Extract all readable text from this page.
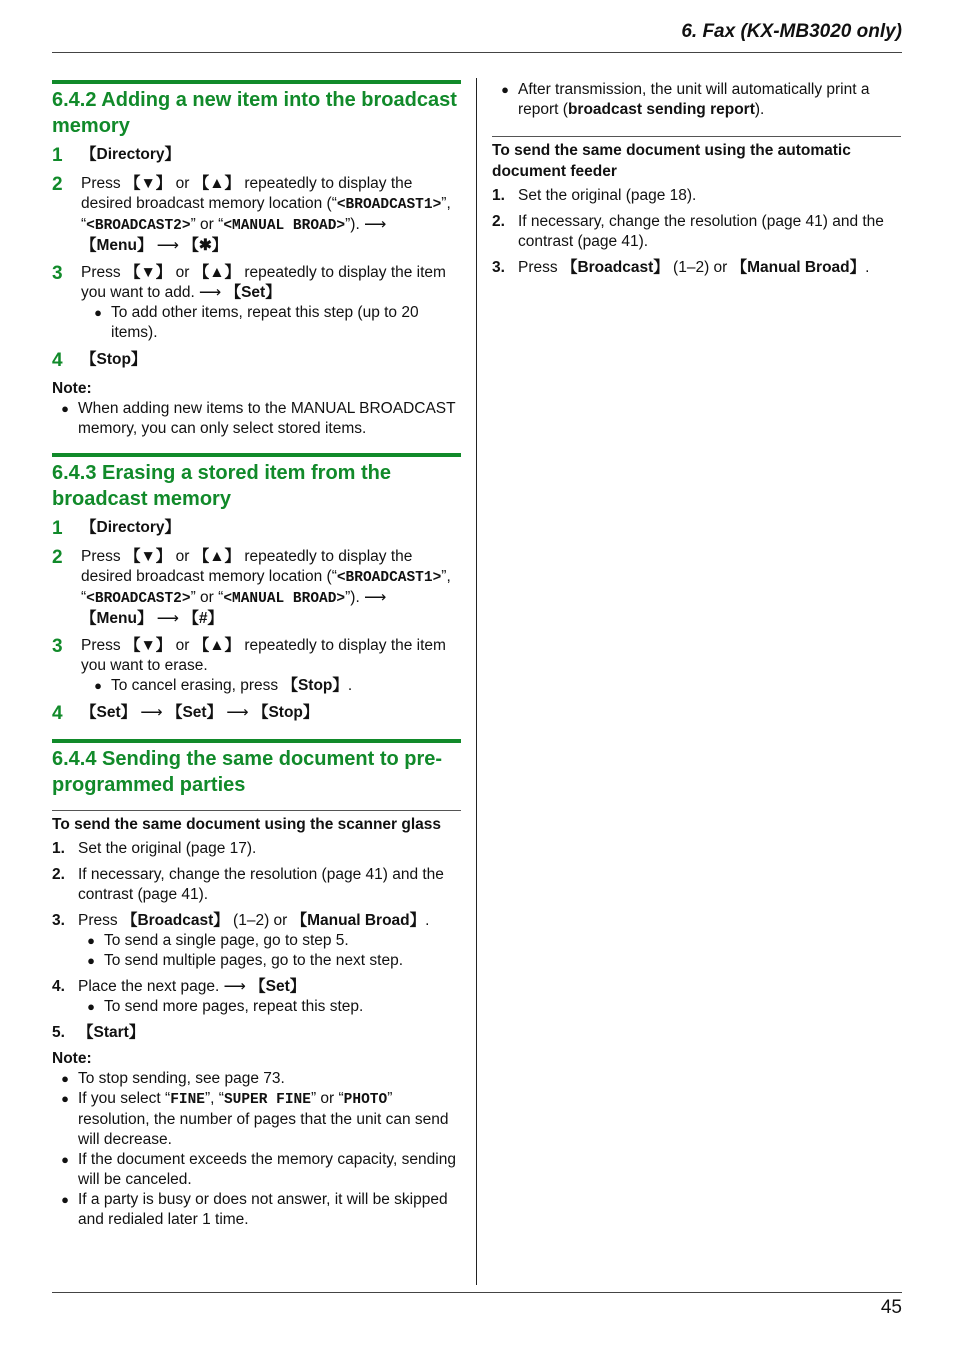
6. Fax (KX-MB3020 only)
6.4.2 Adding a new item into the broadcast memory
1	【Directory】
2	Press 【▼】 or 【▲】 repeatedly to display the desired broadcast memory location (“<BROADCAST1>”, “<BROADCAST2>” or “<MANUAL BROAD>”). ⟶ 【Menu】 ⟶ 【✱】
3	Press 【▼】 or 【▲】 repeatedly to display the item you want to add. ⟶ 【Set】
● To add other items, repeat this step (up to 20 items).
4	【Stop】
Note:
● When adding new items to the MANUAL BROADCAST memory, you can only select stored items.
6.4.3 Erasing a stored item from the broadcast memory
1	【Directory】
2	Press 【▼】 or 【▲】 repeatedly to display the desired broadcast memory location (“<BROADCAST1>”, “<BROADCAST2>” or “<MANUAL BROAD>”). ⟶ 【Menu】 ⟶ 【#】
3	Press 【▼】 or 【▲】 repeatedly to display the item you want to erase.
● To cancel erasing, press 【Stop】.
4	【Set】 ⟶ 【Set】 ⟶ 【Stop】
6.4.4 Sending the same document to pre-programmed parties
To send the same document using the scanner glass
1. Set the original (page 17).
2. If necessary, change the resolution (page 41) and the contrast (page 41).
3. Press 【Broadcast】 (1–2) or 【Manual Broad】.
● To send a single page, go to step 5.
● To send multiple pages, go to the next step.
4. Place the next page. ⟶ 【Set】
● To send more pages, repeat this step.
5. 【Start】
Note:
● To stop sending, see page 73.
● If you select “FINE”, “SUPER FINE” or “PHOTO” resolution, the number of pages that the unit can send will decrease.
● If the document exceeds the memory capacity, sending will be canceled.
● If a party is busy or does not answer, it will be skipped and redialed later 1 time.
● After transmission, the unit will automatically print a report (broadcast sending report).
To send the same document using the automatic document feeder
1. Set the original (page 18).
2. If necessary, change the resolution (page 41) and the contrast (page 41).
3. Press 【Broadcast】 (1–2) or 【Manual Broad】.
45
